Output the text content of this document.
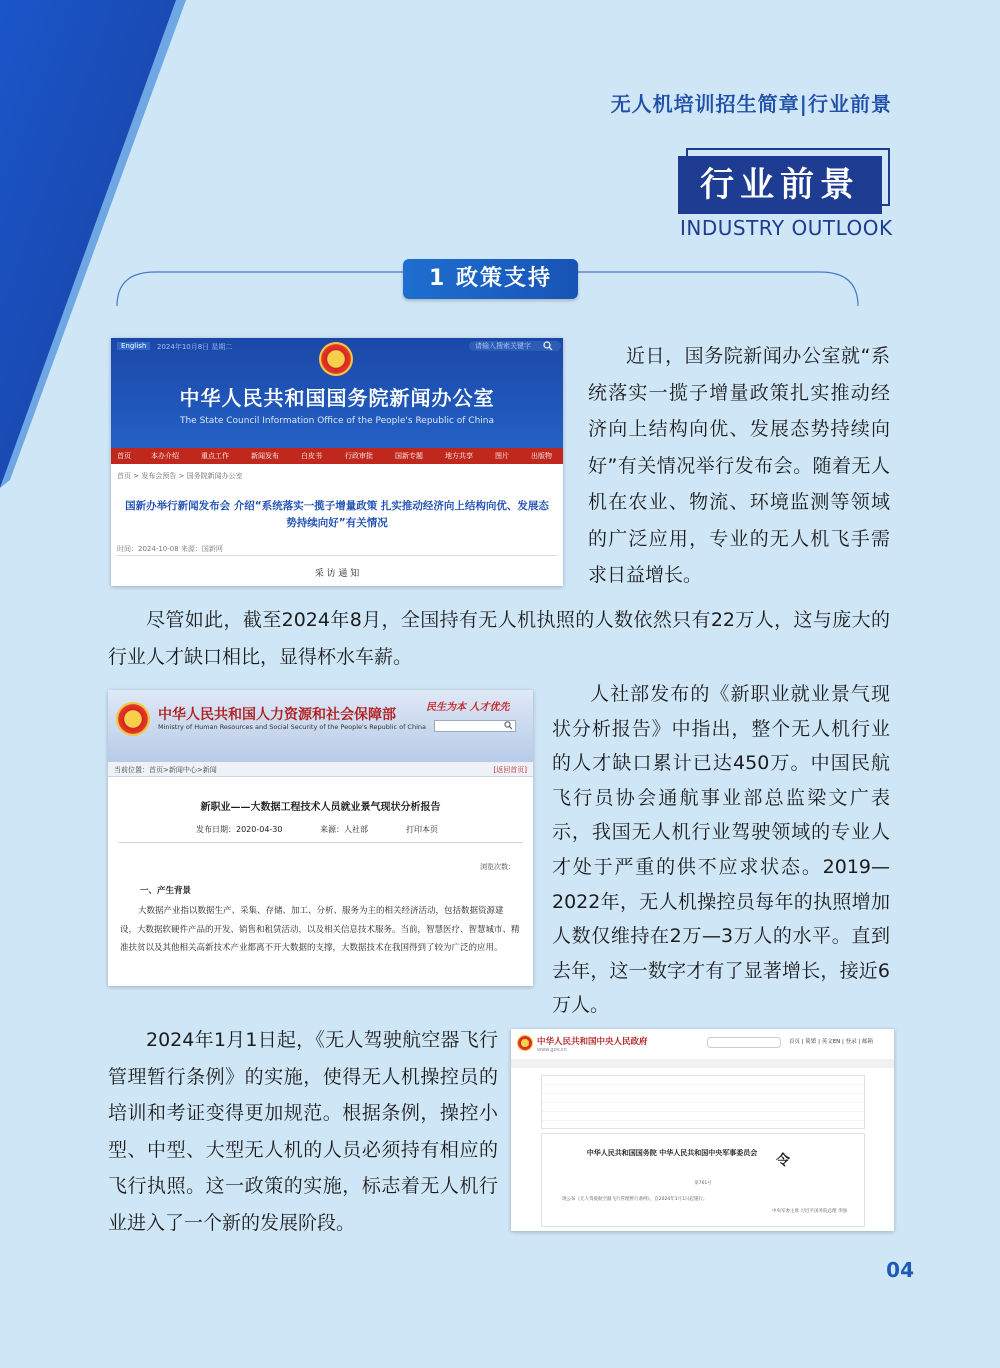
无人机培训招生简章|行业前景
行业前景
INDUSTRY OUTLOOK
1 政策支持
English	2024年10月8日 星期二	请输入搜索关键字
中华人民共和国国务院新闻办公室
The State Council Information Office of the People's Republic of China
首页	本办介绍	重点工作	新闻发布	白皮书	行政审批	国新专题	地方共享	图片	出版物
首页 > 发布会预告 > 国务院新闻办公室
国新办举行新闻发布会 介绍“系统落实一揽子增量政策 扎实推动经济向上结构向优、发展态势持续向好”有关情况
时间：2024-10-08 来源：国新网
采 访 通 知
近日，国务院新闻办公室就“系统落实一揽子增量政策扎实推动经济向上结构向优、发展态势持续向好”有关情况举行发布会。随着无人机在农业、物流、环境监测等领域的广泛应用，专业的无人机飞手需求日益增长。
尽管如此，截至2024年8月，全国持有无人机执照的人数依然只有22万人，这与庞大的行业人才缺口相比，显得杯水车薪。
中华人民共和国人力资源和社会保障部
Ministry of Human Resources and Social Security of the People's Republic of China
民生为本 人才优先
当前位置：首页>新闻中心>新闻	[返回首页]
新职业——大数据工程技术人员就业景气现状分析报告
发布日期：2020-04-30	来源：人社部	打印本页
浏览次数：
一、产生背景
大数据产业指以数据生产、采集、存储、加工、分析、服务为主的相关经济活动，包括数据资源建设，大数据软硬件产品的开发、销售和租赁活动，以及相关信息技术服务。当前，智慧医疗、智慧城市、精准扶贫以及其他相关高新技术产业都离不开大数据的支撑，大数据技术在我国得到了较为广泛的应用。
人社部发布的《新职业就业景气现状分析报告》中指出，整个无人机行业的人才缺口累计已达450万。中国民航飞行员协会通航事业部总监梁文广表示，我国无人机行业驾驶领域的专业人才处于严重的供不应求状态。2019—2022年，无人机操控员每年的执照增加人数仅维持在2万—3万人的水平。直到去年，这一数字才有了显著增长，接近6万人。
2024年1月1日起，《无人驾驶航空器飞行管理暂行条例》的实施，使得无人机操控员的培训和考证变得更加规范。根据条例，操控小型、中型、大型无人机的人员必须持有相应的飞行执照。这一政策的实施，标志着无人机行业进入了一个新的发展阶段。
中华人民共和国中央人民政府
www.gov.cn
首页 | 简繁 | 英文EN | 登录 | 邮箱
中华人民共和国国务院 中华人民共和国中央军事委员会	令
第761号
现公布《无人驾驶航空器飞行管理暂行条例》，自2024年1月1日起施行。
中央军委主席 习近平 国务院总理 李强
04
